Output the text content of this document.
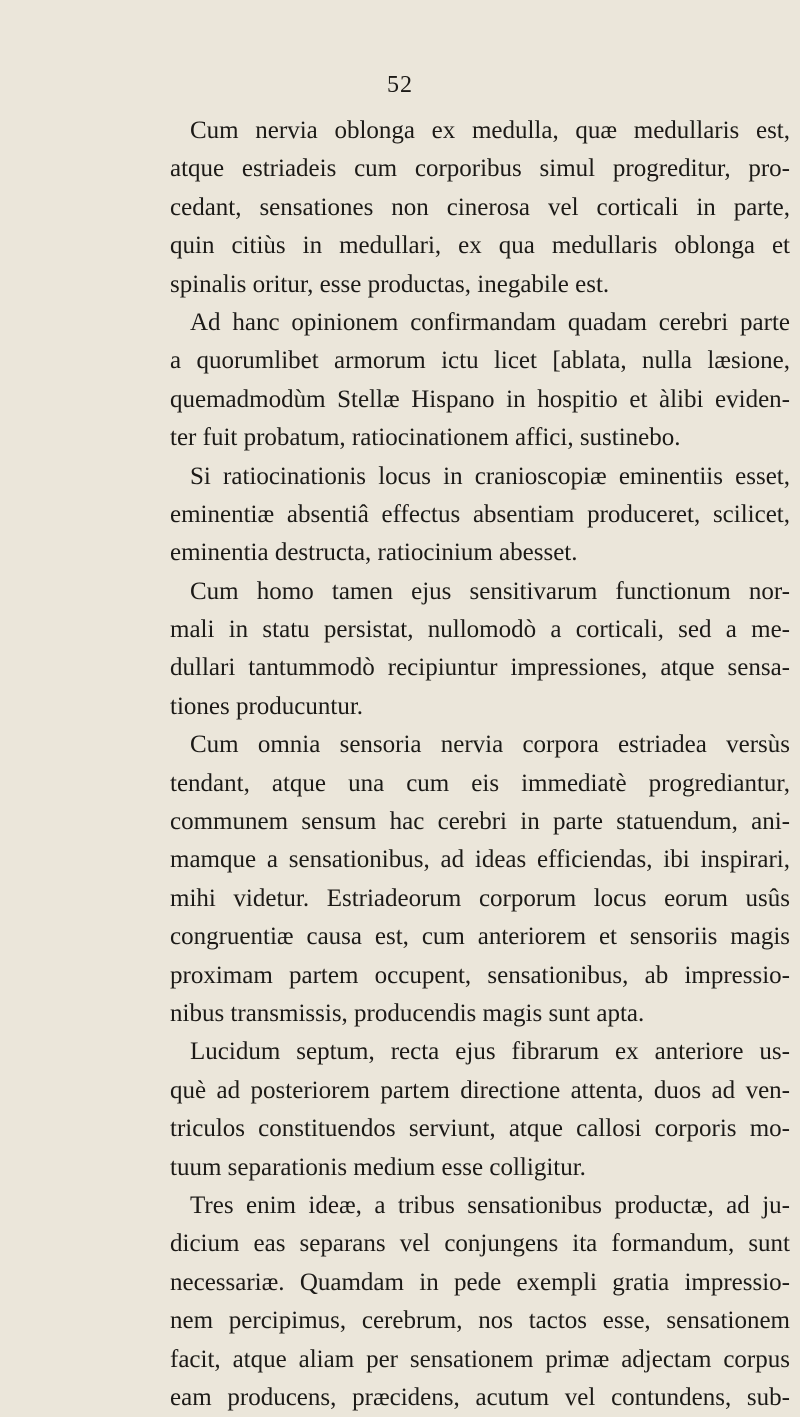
52
Cum nervia oblonga ex medulla, quæ medullaris est,
atque estriadeis cum corporibus simul progreditur, pro-
cedant, sensationes non cinerosa vel corticali in parte,
quin citiùs in medullari, ex qua medullaris oblonga et
spinalis oritur, esse productas, inegabile est.
Ad hanc opinionem confirmandam quadam cerebri parte
a quorumlibet armorum ictu licet [ablata, nulla læsione,
quemadmodùm Stellæ Hispano in hospitio et àlibi eviden-
ter fuit probatum, ratiocinationem affici, sustinebo.
Si ratiocinationis locus in cranioscopiæ eminentiis esset,
eminentiæ absentiâ effectus absentiam produceret, scilicet,
eminentia destructa, ratiocinium abesset.
Cum homo tamen ejus sensitivarum functionum nor-
mali in statu persistat, nullomodò a corticali, sed a me-
dullari tantummodò recipiuntur impressiones, atque sensa-
tiones producuntur.
Cum omnia sensoria nervia corpora estriadea versùs
tendant, atque una cum eis immediatè progrediantur,
communem sensum hac cerebri in parte statuendum, ani-
mamque a sensationibus, ad ideas efficiendas, ibi inspirari,
mihi videtur. Estriadeorum corporum locus eorum usûs
congruentiæ causa est, cum anteriorem et sensoriis magis
proximam partem occupent, sensationibus, ab impressio-
nibus transmissis, producendis magis sunt apta.
Lucidum septum, recta ejus fibrarum ex anteriore us-
què ad posteriorem partem directione attenta, duos ad ven-
triculos constituendos serviunt, atque callosi corporis mo-
tuum separationis medium esse colligitur.
Tres enim ideæ, a tribus sensationibus productæ, ad ju-
dicium eas separans vel conjungens ita formandum, sunt
necessariæ. Quamdam in pede exempli gratia impressio-
nem percipimus, cerebrum, nos tactos esse, sensationem
facit, atque aliam per sensationem primæ adjectam corpus
eam producens, præcidens, acutum vel contundens, sub-
